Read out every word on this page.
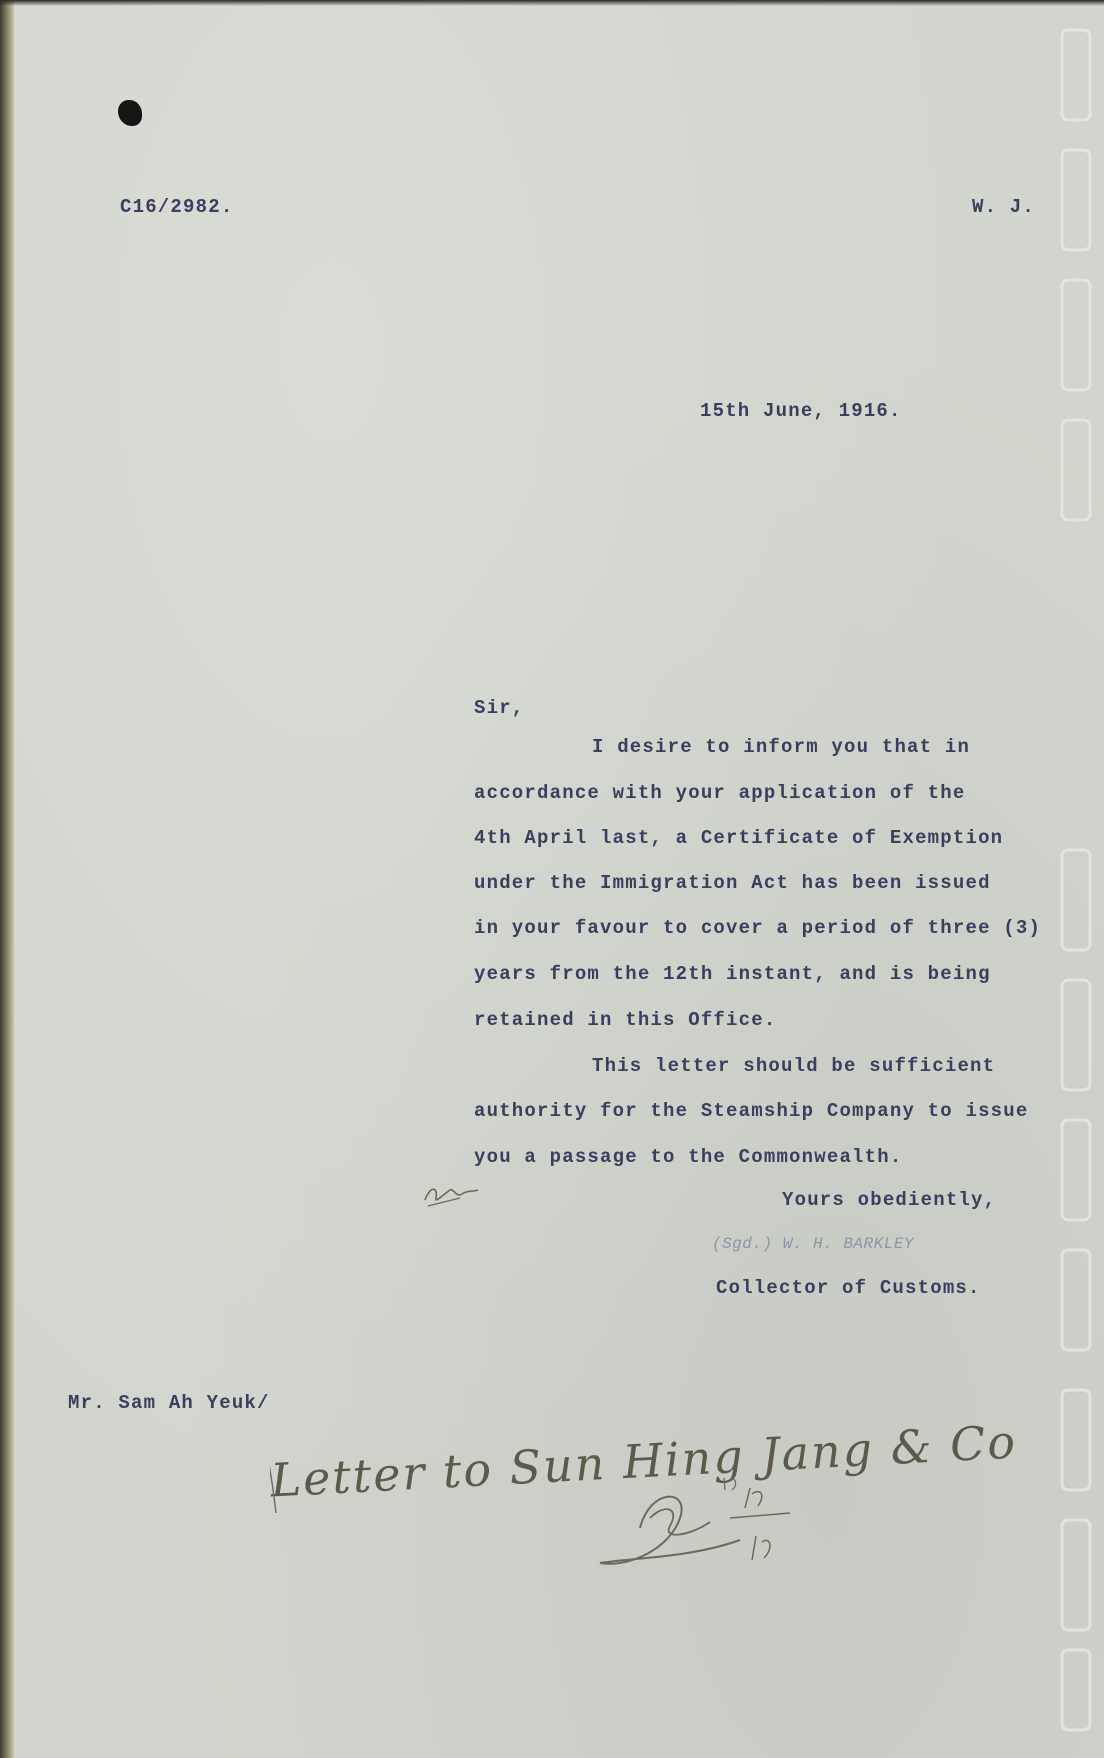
C16/2982.	W. J.
15th June, 1916.
Sir,
I desire to inform you that in
accordance with your application of the
4th April last, a Certificate of Exemption
under the Immigration Act has been issued
in your favour to cover a period of three (3)
years from the 12th instant, and is being
retained in this Office.
This letter should be sufficient
authority for the Steamship Company to issue
you a passage to the Commonwealth.
Yours obediently,
(Sgd.) W. H. BARKLEY
Collector of Customs.
Mr. Sam Ah Yeuk/
Letter to Sun Hing Jang & Co
